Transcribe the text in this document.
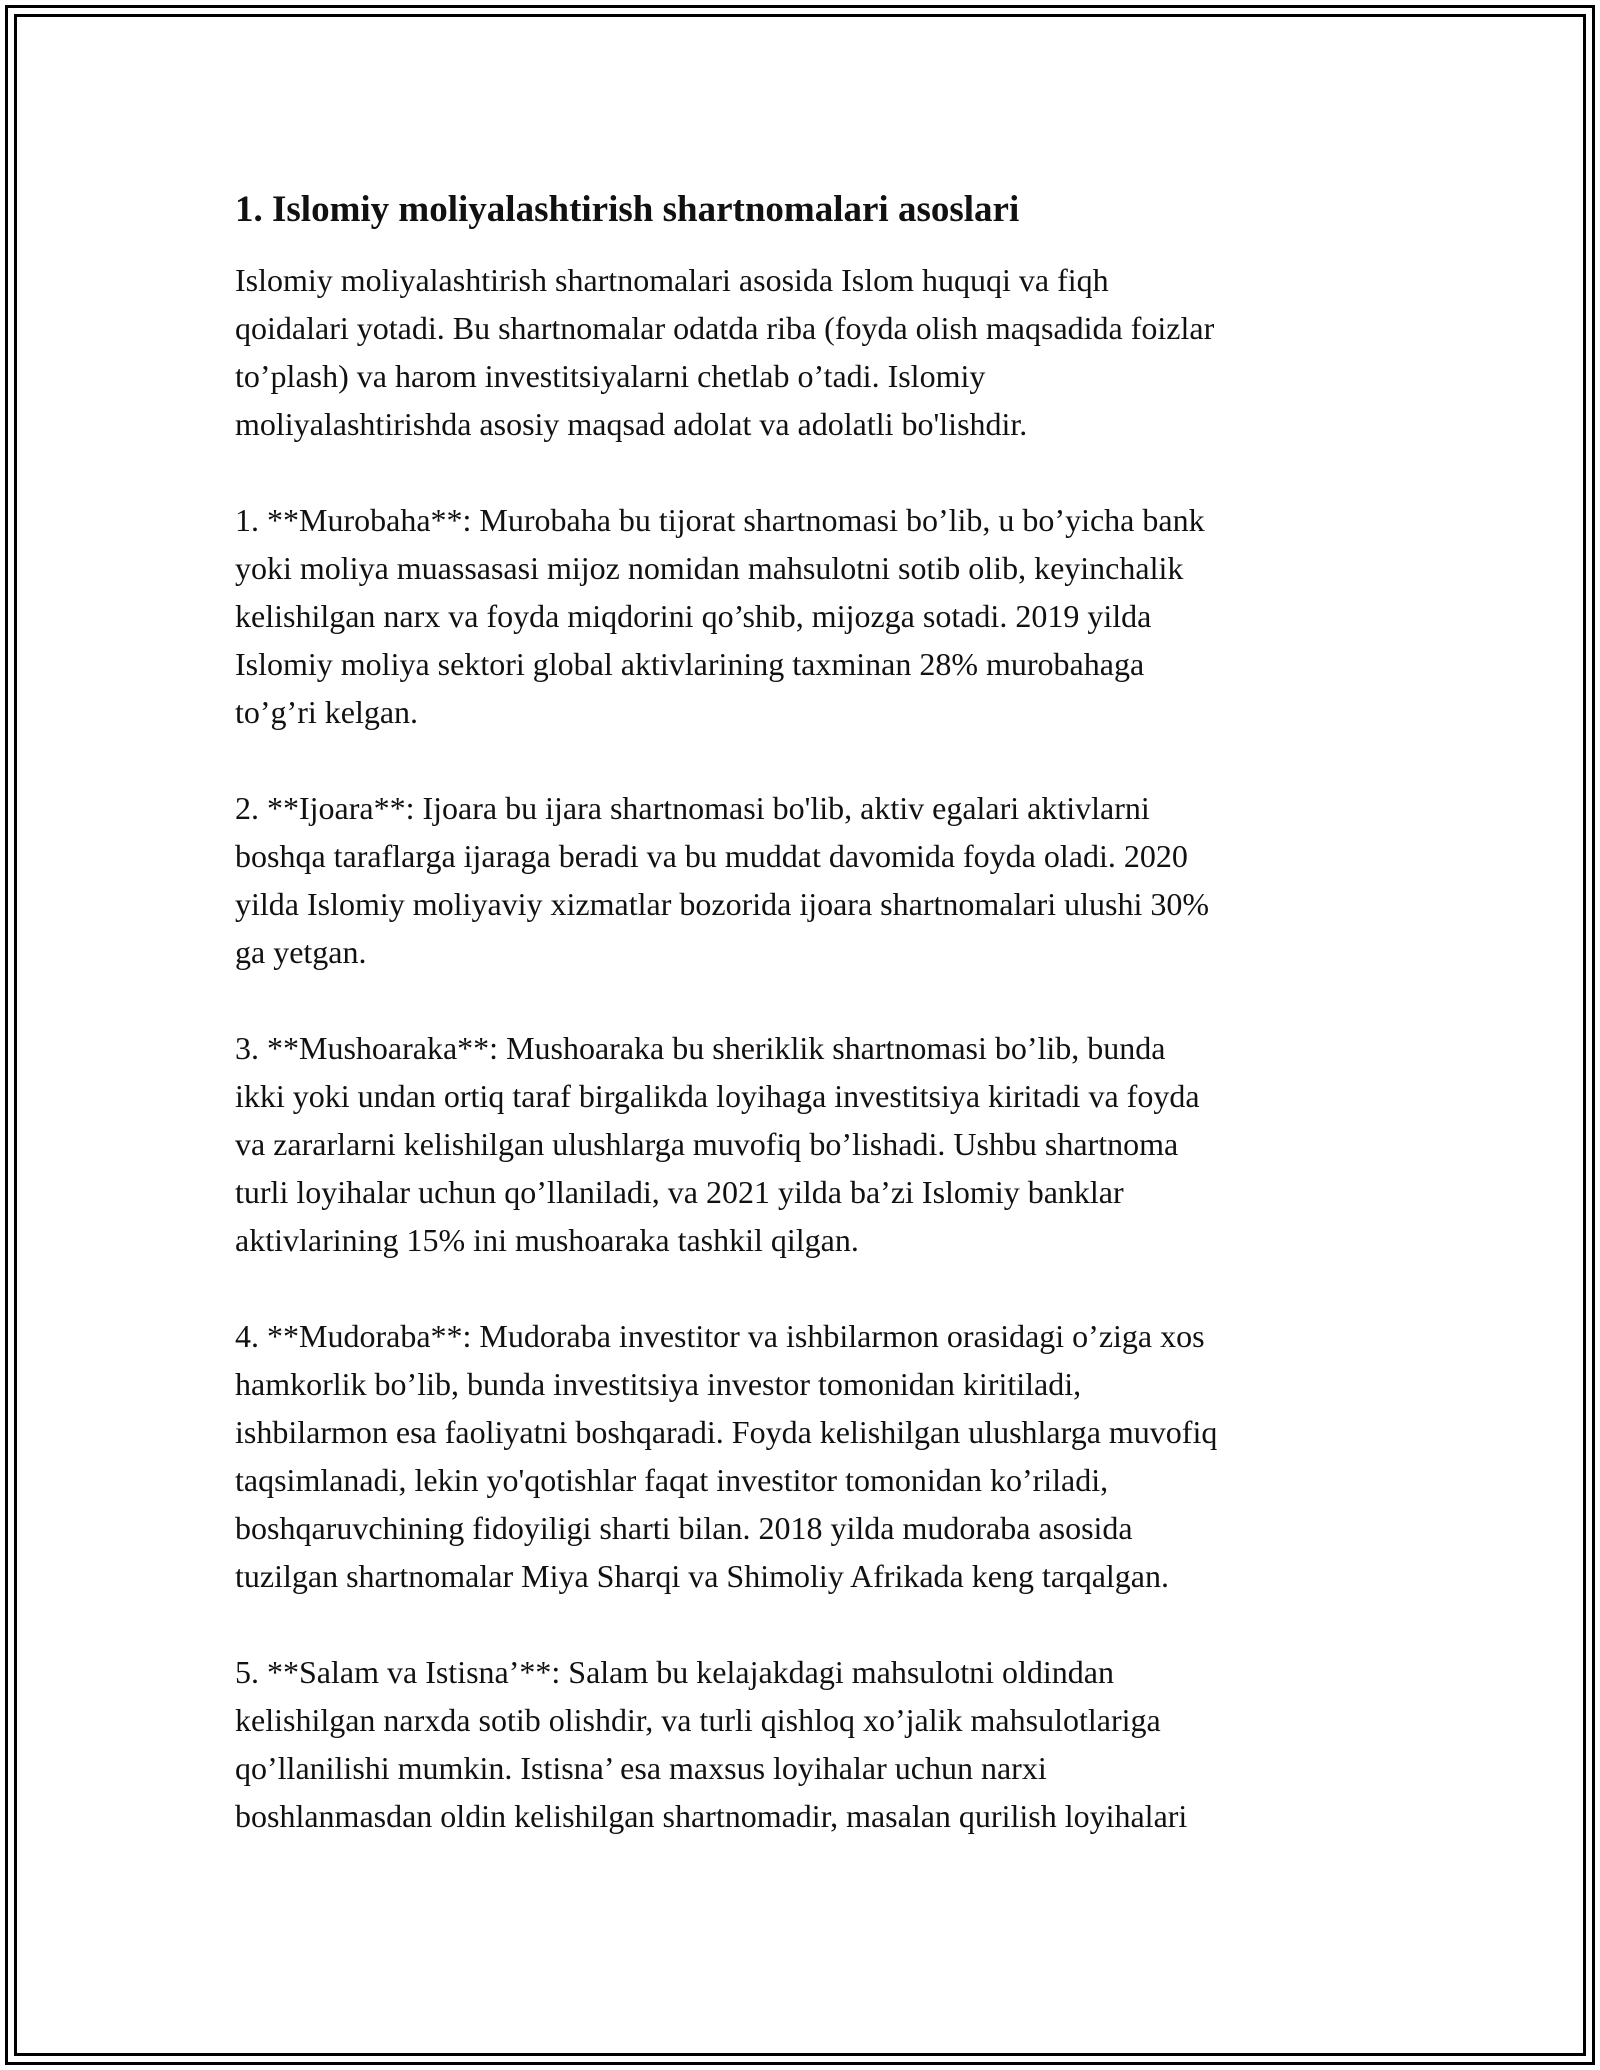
1. Islomiy moliyalashtirish shartnomalari asoslari

Islomiy moliyalashtirish shartnomalari asosida Islom huquqi va fiqh
qoidalari yotadi. Bu shartnomalar odatda riba (foyda olish maqsadida foizlar
to’plash) va harom investitsiyalarni chetlab o’tadi. Islomiy
moliyalashtirishda asosiy maqsad adolat va adolatli bo'lishdir.

1. **Murobaha**: Murobaha bu tijorat shartnomasi bo’lib, u bo’yicha bank
yoki moliya muassasasi mijoz nomidan mahsulotni sotib olib, keyinchalik
kelishilgan narx va foyda miqdorini qo’shib, mijozga sotadi. 2019 yilda
Islomiy moliya sektori global aktivlarining taxminan 28% murobahaga
to’g’ri kelgan.

2. **Ijoara**: Ijoara bu ijara shartnomasi bo'lib, aktiv egalari aktivlarni
boshqa taraflarga ijaraga beradi va bu muddat davomida foyda oladi. 2020
yilda Islomiy moliyaviy xizmatlar bozorida ijoara shartnomalari ulushi 30%
ga yetgan.

3. **Mushoaraka**: Mushoaraka bu sheriklik shartnomasi bo’lib, bunda
ikki yoki undan ortiq taraf birgalikda loyihaga investitsiya kiritadi va foyda
va zararlarni kelishilgan ulushlarga muvofiq bo’lishadi. Ushbu shartnoma
turli loyihalar uchun qo’llaniladi, va 2021 yilda ba’zi Islomiy banklar
aktivlarining 15% ini mushoaraka tashkil qilgan.

4. **Mudoraba**: Mudoraba investitor va ishbilarmon orasidagi o’ziga xos
hamkorlik bo’lib, bunda investitsiya investor tomonidan kiritiladi,
ishbilarmon esa faoliyatni boshqaradi. Foyda kelishilgan ulushlarga muvofiq
taqsimlanadi, lekin yo'qotishlar faqat investitor tomonidan ko’riladi,
boshqaruvchining fidoyiligi sharti bilan. 2018 yilda mudoraba asosida
tuzilgan shartnomalar Miya Sharqi va Shimoliy Afrikada keng tarqalgan.

5. **Salam va Istisna’**: Salam bu kelajakdagi mahsulotni oldindan
kelishilgan narxda sotib olishdir, va turli qishloq xo’jalik mahsulotlariga
qo’llanilishi mumkin. Istisna’ esa maxsus loyihalar uchun narxi
boshlanmasdan oldin kelishilgan shartnomadir, masalan qurilish loyihalari
